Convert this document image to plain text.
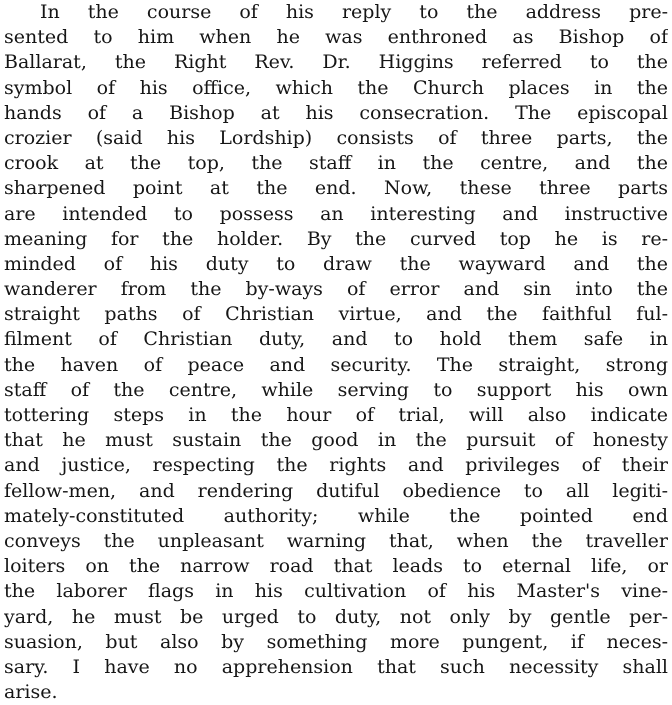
In the course of his reply to the address pre-
sented to him when he was enthroned as Bishop of
Ballarat, the Right Rev. Dr. Higgins referred to the
symbol of his office, which the Church places in the
hands of a Bishop at his consecration. The episcopal
crozier (said his Lordship) consists of three parts, the
crook at the top, the staff in the centre, and the
sharpened point at the end. Now, these three parts
are intended to possess an interesting and instructive
meaning for the holder. By the curved top he is re-
minded of his duty to draw the wayward and the
wanderer from the by-ways of error and sin into the
straight paths of Christian virtue, and the faithful ful-
filment of Christian duty, and to hold them safe in
the haven of peace and security. The straight, strong
staff of the centre, while serving to support his own
tottering steps in the hour of trial, will also indicate
that he must sustain the good in the pursuit of honesty
and justice, respecting the rights and privileges of their
fellow-men, and rendering dutiful obedience to all legiti-
mately-constituted authority; while the pointed end
conveys the unpleasant warning that, when the traveller
loiters on the narrow road that leads to eternal life, or
the laborer flags in his cultivation of his Master's vine-
yard, he must be urged to duty, not only by gentle per-
suasion, but also by something more pungent, if neces-
sary. I have no apprehension that such necessity shall
arise.
